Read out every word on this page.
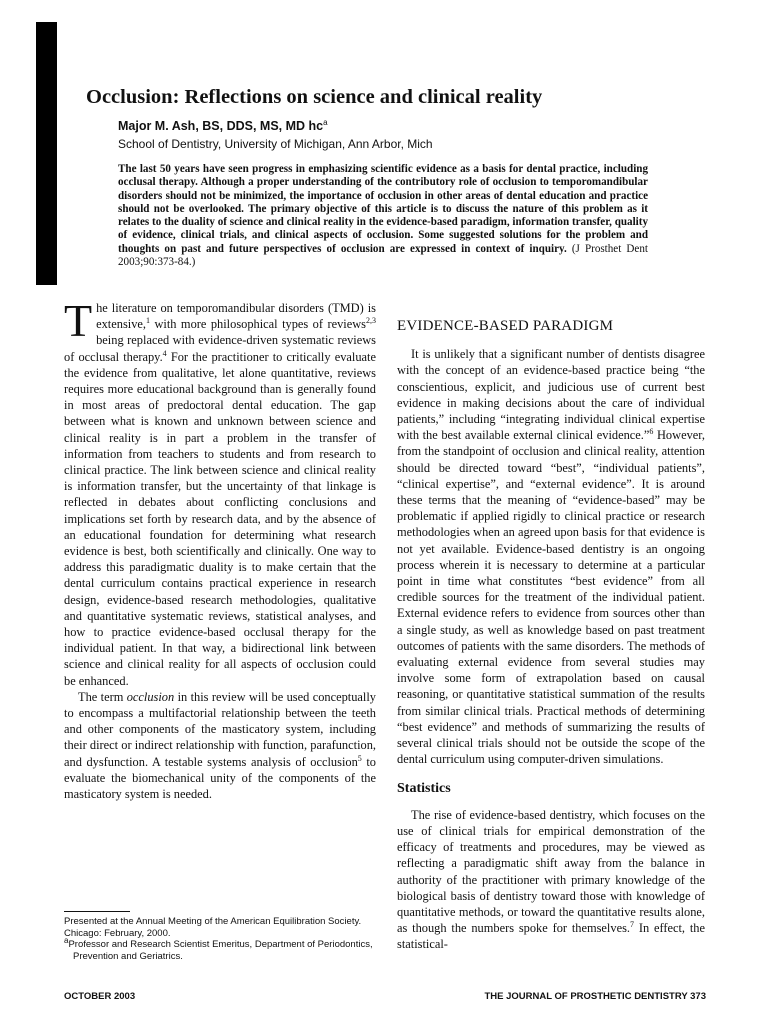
Occlusion: Reflections on science and clinical reality

Major M. Ash, BS, DDS, MS, MD $hc^a$

School of Dentistry, University of Michigan, Ann Arbor, Mich

The last 50 years have seen progress in emphasizing scientific evidence as a basis for dental practice, including occlusal therapy. Although a proper understanding of the contributory role of occlusion to temporomandibular disorders should not be minimized, the importance of occlusion in other areas of dental education and practice should not be overlooked. The primary objective of this article is to discuss the nature of this problem as it relates to the duality of science and clinical reality in the evidence-based paradigm, information transfer, quality of evidence, clinical trials, and clinical aspects of occlusion. Some suggested solutions for the problem and thoughts on past and future perspectives of occlusion are expressed in context of inquiry. (J Prosthet Dent 2003;90:373-84.)

The literature on temporomandibular disorders (TMD) is extensive,$^1$ with more philosophical types of reviews$^{2,3}$ being replaced with evidence-driven systematic reviews of occlusal therapy.$^4$ For the practitioner to critically evaluate the evidence from qualitative, let alone quantitative, reviews requires more educational background than is generally found in most areas of predoctoral dental education. The gap between what is known and unknown between science and clinical reality is in part a problem in the transfer of information from teachers to students and from research to clinical practice. The link between science and clinical reality is information transfer, but the uncertainty of that linkage is reflected in debates about conflicting conclusions and implications set forth by research data, and by the absence of an educational foundation for determining what research evidence is best, both scientifically and clinically. One way to address this paradigmatic duality is to make certain that the dental curriculum contains practical experience in research design, evidence-based research methodologies, qualitative and quantitative systematic reviews, statistical analyses, and how to practice evidence-based occlusal therapy for the individual patient. In that way, a bidirectional link between science and clinical reality for all aspects of occlusion could be enhanced.

The term occlusion in this review will be used conceptually to encompass a multifactorial relationship between the teeth and other components of the masticatory system, including their direct or indirect relationship with function, parafunction, and dysfunction. A testable systems analysis of occlusion$^5$ to evaluate the biomechanical unity of the components of the masticatory system is needed.

Presented at the Annual Meeting of the American Equilibration Society. Chicago: February, 2000.

$^a$Professor and Research Scientist Emeritus, Department of Periodontics, Prevention and Geriatrics.

EVIDENCE-BASED PARADIGM

It is unlikely that a significant number of dentists disagree with the concept of an evidence-based practice being “the conscientious, explicit, and judicious use of current best evidence in making decisions about the care of individual patients,” including “integrating individual clinical expertise with the best available external clinical evidence.”$^6$ However, from the standpoint of occlusion and clinical reality, attention should be directed toward “best”, “individual patients”, “clinical expertise”, and “external evidence”. It is around these terms that the meaning of “evidence-based” may be problematic if applied rigidly to clinical practice or research methodologies when an agreed upon basis for that evidence is not yet available. Evidence-based dentistry is an ongoing process wherein it is necessary to determine at a particular point in time what constitutes “best evidence” from all credible sources for the treatment of the individual patient. External evidence refers to evidence from sources other than a single study, as well as knowledge based on past treatment outcomes of patients with the same disorders. The methods of evaluating external evidence from several studies may involve some form of extrapolation based on causal reasoning, or quantitative statistical summation of the results from similar clinical trials. Practical methods of determining “best evidence” and methods of summarizing the results of several clinical trials should not be outside the scope of the dental curriculum using computer-driven simulations.

Statistics

The rise of evidence-based dentistry, which focuses on the use of clinical trials for empirical demonstration of the efficacy of treatments and procedures, may be viewed as reflecting a paradigmatic shift away from the balance in authority of the practitioner with primary knowledge of the biological basis of dentistry toward those with knowledge of quantitative methods, or toward the quantitative results alone, as though the numbers spoke for themselves.$^7$ In effect, the statistical-

OCTOBER 2003	THE JOURNAL OF PROSTHETIC DENTISTRY 373
